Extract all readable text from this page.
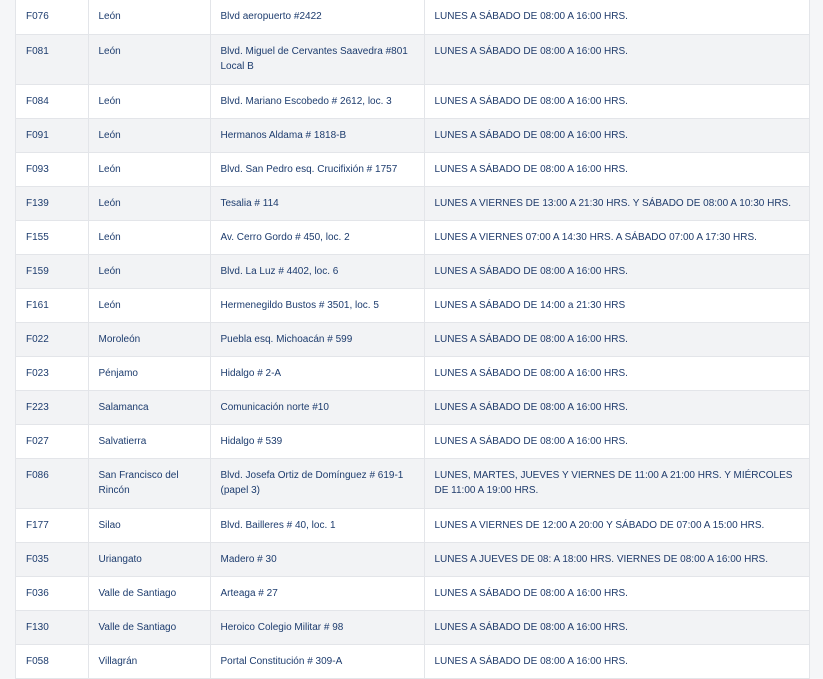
F076	León	Blvd aeropuerto #2422	LUNES A SÁBADO DE 08:00 A 16:00 HRS.
F081	León	Blvd. Miguel de Cervantes Saavedra #801 Local B	LUNES A SÁBADO DE 08:00 A 16:00 HRS.
F084	León	Blvd. Mariano Escobedo # 2612, loc. 3	LUNES A SÁBADO DE 08:00 A 16:00 HRS.
F091	León	Hermanos Aldama # 1818-B	LUNES A SÁBADO DE 08:00 A 16:00 HRS.
F093	León	Blvd. San Pedro esq. Crucifixión # 1757	LUNES A SÁBADO DE 08:00 A 16:00 HRS.
F139	León	Tesalia # 114	LUNES A VIERNES DE 13:00 A 21:30 HRS. Y SÁBADO DE 08:00 A 10:30 HRS.
F155	León	Av. Cerro Gordo # 450, loc. 2	LUNES A VIERNES 07:00 A 14:30 HRS. A SÁBADO 07:00 A 17:30 HRS.
F159	León	Blvd. La Luz # 4402, loc. 6	LUNES A SÁBADO DE 08:00 A 16:00 HRS.
F161	León	Hermenegildo Bustos # 3501, loc. 5	LUNES A SÁBADO DE 14:00 a 21:30 HRS
F022	Moroleón	Puebla esq. Michoacán # 599	LUNES A SÁBADO DE 08:00 A 16:00 HRS.
F023	Pénjamo	Hidalgo # 2-A	LUNES A SÁBADO DE 08:00 A 16:00 HRS.
F223	Salamanca	Comunicación norte #10	LUNES A SÁBADO DE 08:00 A 16:00 HRS.
F027	Salvatierra	Hidalgo # 539	LUNES A SÁBADO DE 08:00 A 16:00 HRS.
F086	San Francisco del Rincón	Blvd. Josefa Ortiz de Domínguez # 619-1 (papel 3)	LUNES, MARTES, JUEVES Y VIERNES DE 11:00 A 21:00 HRS. Y MIÉRCOLES DE 11:00 A 19:00 HRS.
F177	Silao	Blvd. Bailleres # 40, loc. 1	LUNES A VIERNES DE 12:00 A 20:00 Y SÁBADO DE 07:00 A 15:00 HRS.
F035	Uriangato	Madero # 30	LUNES A JUEVES DE 08: A 18:00 HRS. VIERNES DE 08:00 A 16:00 HRS.
F036	Valle de Santiago	Arteaga # 27	LUNES A SÁBADO DE 08:00 A 16:00 HRS.
F130	Valle de Santiago	Heroico Colegio Militar # 98	LUNES A SÁBADO DE 08:00 A 16:00 HRS.
F058	Villagrán	Portal Constitución # 309-A	LUNES A SÁBADO DE 08:00 A 16:00 HRS.
